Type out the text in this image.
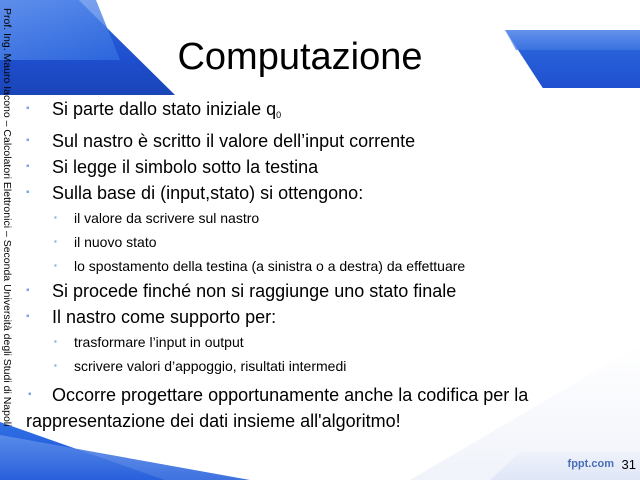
Prof. Ing. Mauro Iacono – Calcolatori Elettronici – Seconda Università degli Studi di Napoli	Computazione
▪ Si parte dallo stato iniziale $q_0$
▪ Sul nastro è scritto il valore dell’input corrente
▪ Si legge il simbolo sotto la testina
▪ Sulla base di (input,stato) si ottengono:
▪ il valore da scrivere sul nastro
▪ il nuovo stato
▪ lo spostamento della testina (a sinistra o a destra) da effettuare
▪ Si procede finché non si raggiunge uno stato finale
▪ Il nastro come supporto per:
▪ trasformare l’input in output
▪ scrivere valori d’appoggio, risultati intermedi
▪	Occorre progettare opportunamente anche la codifica per la rappresentazione dei dati insieme all'algoritmo!
fppt.com 31
